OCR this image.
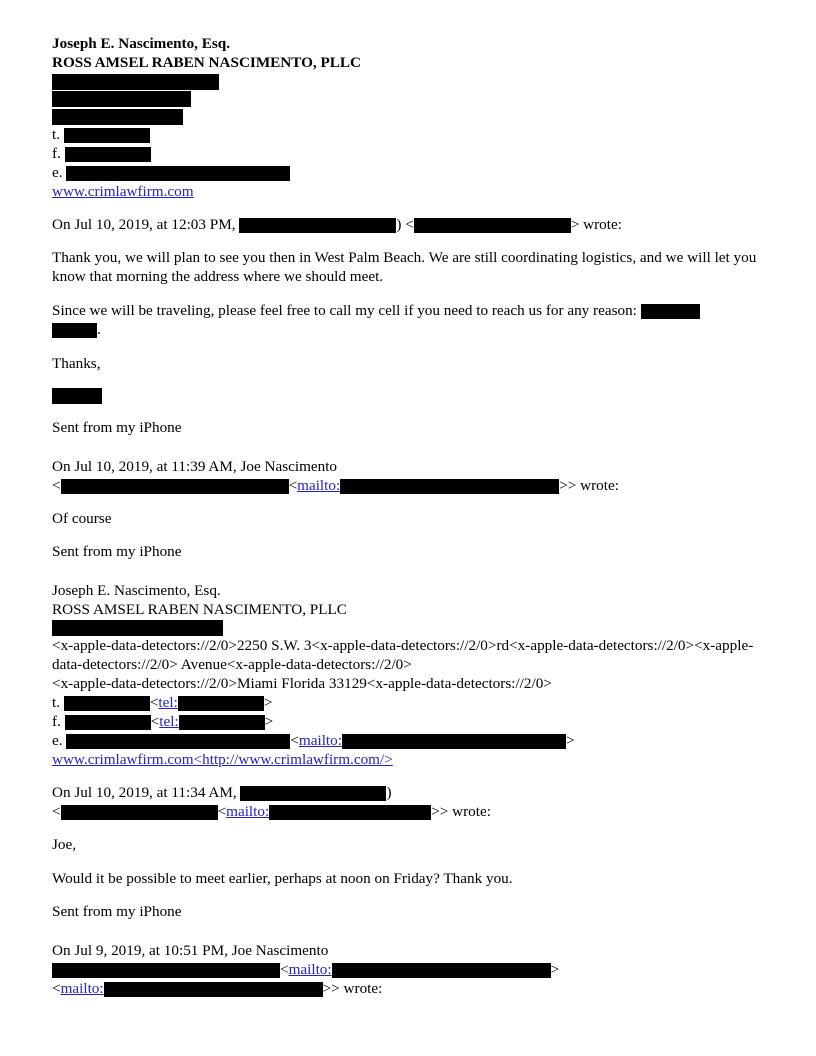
Joseph E. Nascimento, Esq.
ROSS AMSEL RABEN NASCIMENTO, PLLC
t.
f.
e.
www.crimlawfirm.com
On Jul 10, 2019, at 12:03 PM,	) <	> wrote:
Thank you, we will plan to see you then in West Palm Beach. We are still coordinating logistics, and we will let you know that morning the address where we should meet.
Since we will be traveling, please feel free to call my cell if you need to reach us for any reason:
.
Thanks,
Sent from my iPhone
On Jul 10, 2019, at 11:39 AM, Joe Nascimento
<	<mailto:	>> wrote:
Of course
Sent from my iPhone
Joseph E. Nascimento, Esq.
ROSS AMSEL RABEN NASCIMENTO, PLLC
<x-apple-data-detectors://2/0>2250 S.W. 3<x-apple-data-detectors://2/0>rd<x-apple-data-detectors://2/0><x-apple-data-detectors://2/0> Avenue<x-apple-data-detectors://2/0>
<x-apple-data-detectors://2/0>Miami Florida 33129<x-apple-data-detectors://2/0>
t.	<tel:	>
f.	<tel:	>
e.	<mailto:	>
www.crimlawfirm.com<http://www.crimlawfirm.com/>
On Jul 10, 2019, at 11:34 AM,	)
<	<mailto:	>> wrote:
Joe,
Would it be possible to meet earlier, perhaps at noon on Friday? Thank you.
Sent from my iPhone
On Jul 9, 2019, at 10:51 PM, Joe Nascimento
<mailto:	>
<mailto:	>> wrote:
